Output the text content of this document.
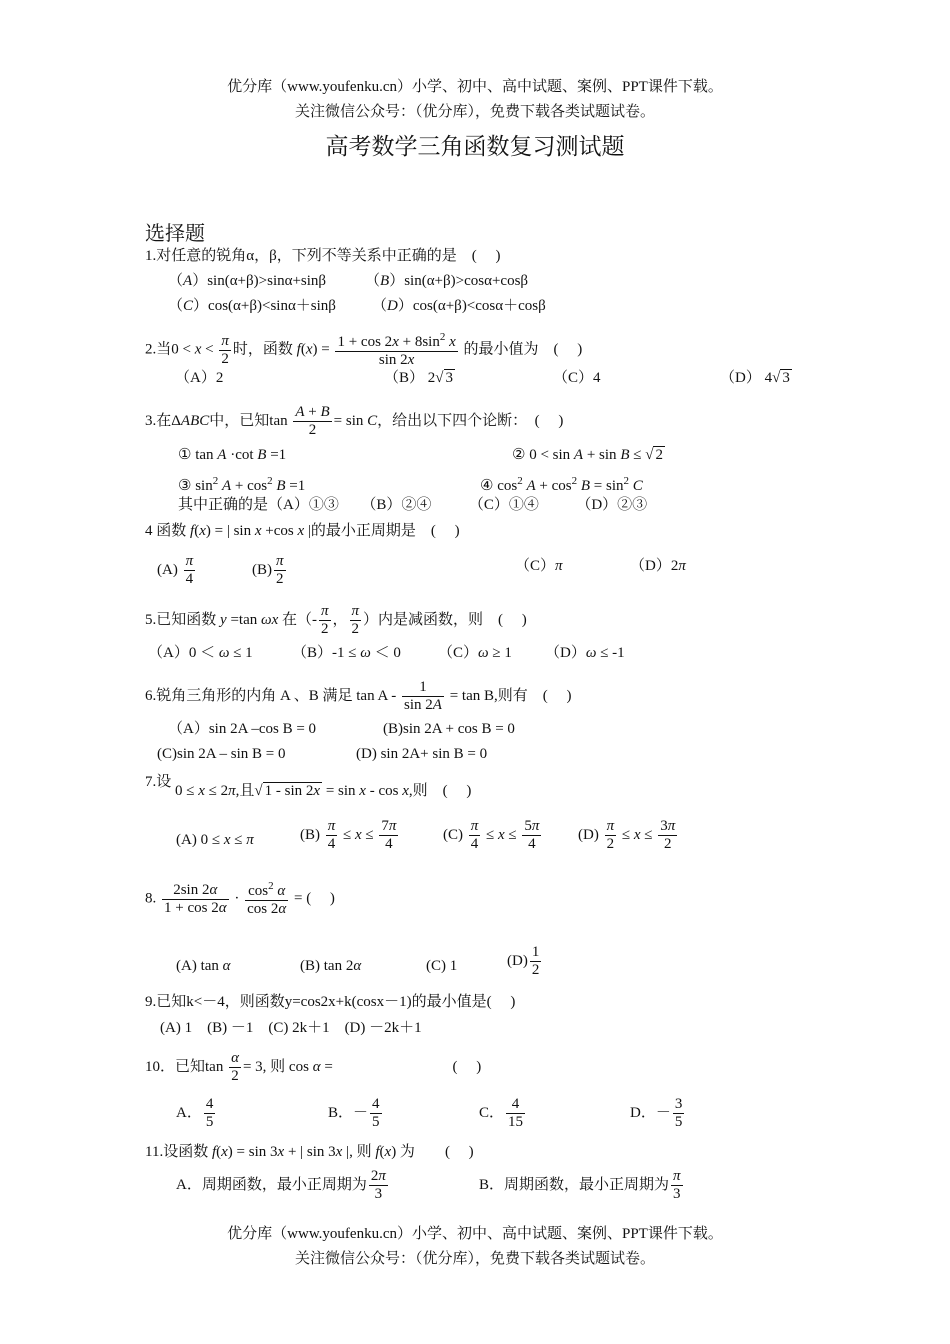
优分库（www.youfenku.cn）小学、初中、高中试题、案例、PPT课件下载。
关注微信公众号：（优分库），免费下载各类试题试卷。
高考数学三角函数复习测试题
选择题
1.对任意的锐角α，β，下列不等关系中正确的是　(　 )
（A）sin(α+β)>sinα+sinβ	（B）sin(α+β)>cosα+cosβ
（C）cos(α+β)<sinα＋sinβ （D）cos(α+β)<cosα＋cosβ
2.当$0 < x < \frac{\pi}{2}$ 时，函数 $f(x) = \frac{1 + \cos 2x + 8\sin^2 x}{\sin 2x}$ 的最小值为　(　 )
（A）2	（B） 2√ 3	（C）4	（D） 4√ 3
3.在ΔABC中，已知$\tan \frac{A + B}{2} = \sin C$，给出以下四个论断：　(　 )
① tan A ·cot B =1	② 0 < sin A + sin B ≤ √ 2
③ $\sin^2 A + \cos^2 B =1$	④ $\cos^2 A + \cos^2 B = \sin^2 C$
其中正确的是（A）①③　　（B）②④　　　（C）①④　　　（D）②③
4 函数 f(x) = | sin x +cos x |的最小正周期是　(　 )
$(A) \frac{\pi}{4}$	$(B) \frac{\pi}{2}$	（C）π	（D）2π
5.已知函数 y =tan ωx 在（- $\frac{\pi}{2}$ ， $\frac{\pi}{2}$ ）内是减函数，则　(　 )
（A）0 ＜ ω ≤ 1	（B）-1 ≤ ω ＜ 0 （C）ω ≥ 1 （D）ω ≤ -1
6.锐角三角形的内角 A 、B 满足 $\tan A - \frac{1}{\sin 2A} = \tan B$,则有　(　 )
（A）sin 2A –cos B = 0	(B)sin 2A + cos B = 0
(C)sin 2A – sin B = 0	(D) sin 2A+ sin B = 0
7.设
0 ≤ x ≤ 2π,且√ 1 - sin 2x = sin x - cos x,则　(　 )
(A) 0 ≤ x ≤ π	$(B) \frac{\pi}{4} \le x \le \frac{7\pi}{4}$	$(C) \frac{\pi}{4} \le x \le \frac{5\pi}{4} (D) \frac{\pi}{2} \le x \le \frac{3\pi}{2}$
8. $\frac{2\sin 2\alpha}{1 + \cos 2\alpha} \cdot \frac{\cos^2 \alpha}{\cos 2\alpha}$ = (　 )
(A) tan α	(B) tan 2α	(C) 1	$(D) \frac{1}{2}$
9.已知k<－4，则函数y=cos2x+k(cosx－1)的最小值是(　 )
(A) 1　(B) －1　(C) 2k＋1　(D) －2k＋1
10．已知$\tan \frac{\alpha}{2} = 3$, 则 cos α =	(　 )
A． $\frac{4}{5}$	B．－ $\frac{4}{5}$	C． $\frac{4}{15}$	D．－ $\frac{3}{5}$
11.设函数 f(x) = sin 3x + | sin 3x |, 则 f(x) 为　　(　 )
A．周期函数，最小正周期为 $\frac{2\pi}{3}$	B．周期函数，最小正周期为 $\frac{\pi}{3}$
优分库（www.youfenku.cn）小学、初中、高中试题、案例、PPT课件下载。
关注微信公众号：（优分库），免费下载各类试题试卷。
